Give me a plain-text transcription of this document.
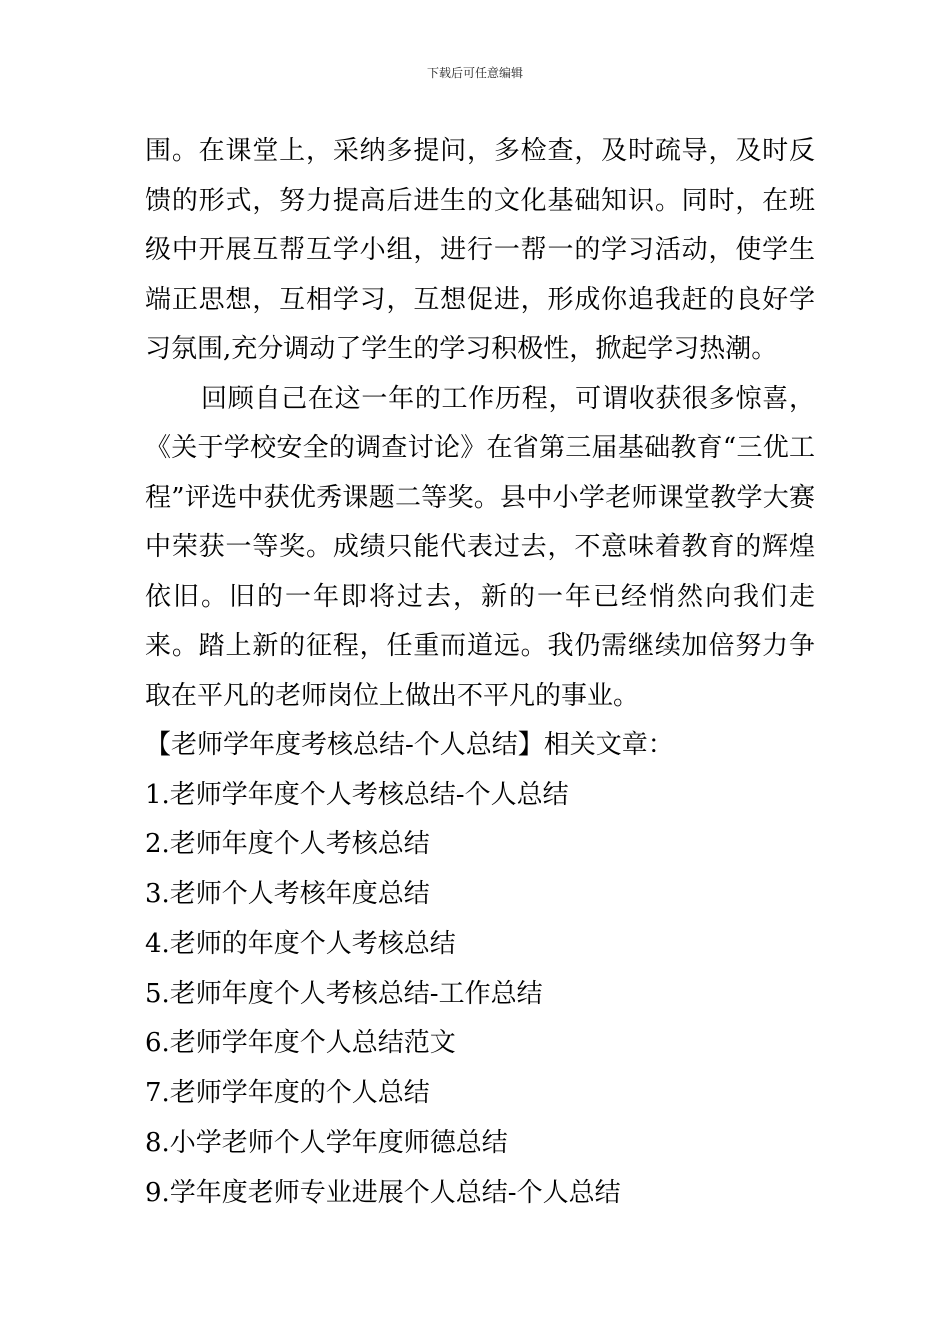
下载后可任意编辑

围。在课堂上，采纳多提问，多检查，及时疏导，及时反馈的形式，努力提高后进生的文化基础知识。同时，在班级中开展互帮互学小组，进行一帮一的学习活动，使学生端正思想，互相学习，互想促进，形成你追我赶的良好学习氛围,充分调动了学生的学习积极性，掀起学习热潮。

回顾自己在这一年的工作历程，可谓收获很多惊喜，《关于学校安全的调查讨论》在省第三届基础教育“三优工程”评选中获优秀课题二等奖。县中小学老师课堂教学大赛中荣获一等奖。成绩只能代表过去，不意味着教育的辉煌依旧。旧的一年即将过去，新的一年已经悄然向我们走来。踏上新的征程，任重而道远。我仍需继续加倍努力争取在平凡的老师岗位上做出不平凡的事业。

【老师学年度考核总结-个人总结】相关文章：

1.老师学年度个人考核总结-个人总结
2.老师年度个人考核总结
3.老师个人考核年度总结
4.老师的年度个人考核总结
5.老师年度个人考核总结-工作总结
6.老师学年度个人总结范文
7.老师学年度的个人总结
8.小学老师个人学年度师德总结
9.学年度老师专业进展个人总结-个人总结
